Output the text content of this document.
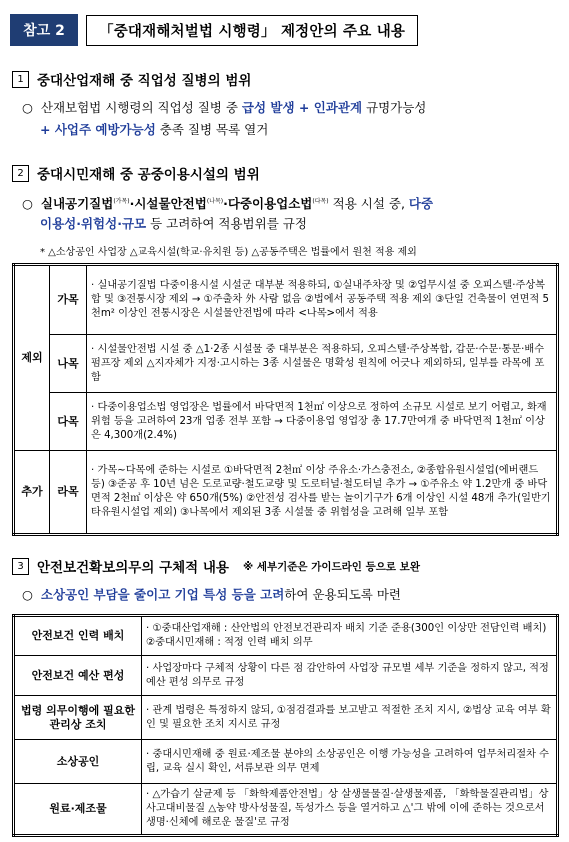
참고 2	「중대재해처벌법 시행령」 제정안의 주요 내용
1 중대산업재해 중 직업성 질병의 범위
○ 산재보험법 시행령의 직업성 질병 중 급성 발생 + 인과관계 규명가능성
+ 사업주 예방가능성 충족 질병 목록 열거
2 중대시민재해 중 공중이용시설의 범위
○ 실내공기질법$^{(가목)}$·시설물안전법$^{(나목)}$·다중이용업소법$^{(다목)}$ 적용 시설 중, 다중
이용성·위험성·규모 등 고려하여 적용범위를 규정
* △소상공인 사업장 △교육시설(학교·유치원 등) △공동주택은 법률에서 원천 적용 제외
제외	가목	· 실내공기질법 다중이용시설 시설군 대부분 적용하되, ①실내주차장 및 ②업무시설 중 오피스텔·주상복합 및 ③전통시장 제외 → ①주출차 外 사람 없음 ②법에서 공동주택 적용 제외 ③단일 건축물이 연면적 5천m² 이상인 전통시장은 시설물안전법에 따라 <나목>에서 적용
	나목	· 시설물안전법 시설 중 △1·2종 시설물 중 대부분은 적용하되, 오피스텔·주상복합, 갑문·수문·통문·배수펌프장 제외 △지자체가 지정·고시하는 3종 시설물은 명확성 원칙에 어긋나 제외하되, 일부를 라목에 포함
	다목	· 다중이용업소법 영업장은 법률에서 바닥면적 1천㎡ 이상으로 정하여 소규모 시설로 보기 어렵고, 화재 위험 등을 고려하여 23개 업종 전부 포함 → 다중이용업 영업장 총 17.7만여개 중 바닥면적 1천㎡ 이상은 4,300개(2.4%)
추가	라목	· 가목~다목에 준하는 시설로 ①바닥면적 2천㎡ 이상 주유소·가스충전소, ②종합유원시설업(에버랜드 등) ③준공 후 10년 넘은 도로교량·철도교량 및 도로터널·철도터널 추가 → ①주유소 약 1.2만개 중 바닥면적 2천㎡ 이상은 약 650개(5%) ②안전성 검사를 받는 놀이기구가 6개 이상인 시설 48개 추가(일반기타유원시설업 제외) ③나목에서 제외된 3종 시설물 중 위험성을 고려해 일부 포함
3 안전보건확보의무의 구체적 내용 ※ 세부기준은 가이드라인 등으로 보완
○ 소상공인 부담을 줄이고 기업 특성 등을 고려하여 운용되도록 마련
안전보건 인력 배치	· ①중대산업재해 : 산안법의 안전보건관리자 배치 기준 준용(300인 이상만 전담인력 배치) ②중대시민재해 : 적정 인력 배치 의무
안전보건 예산 편성	· 사업장마다 구체적 상황이 다른 점 감안하여 사업장 규모별 세부 기준을 정하지 않고, 적정 예산 편성 의무로 규정
법령 의무이행에 필요한 관리상 조치	· 관계 법령은 특정하지 않되, ①점검결과를 보고받고 적절한 조치 지시, ②법상 교육 여부 확인 및 필요한 조치 지시로 규정
소상공인	· 중대시민재해 중 원료·제조물 분야의 소상공인은 이행 가능성을 고려하여 업무처리절차 수립, 교육 실시 확인, 서류보관 의무 면제
원료·제조물	· △가습기 살균제 등 「화학제품안전법」상 살생물물질·살생물제품, 「화학물질관리법」상 사고대비물질 △농약 방사성물질, 독성가스 등을 열거하고 △'그 밖에 이에 준하는 것으로서 생명·신체에 해로운 물질'로 규정
